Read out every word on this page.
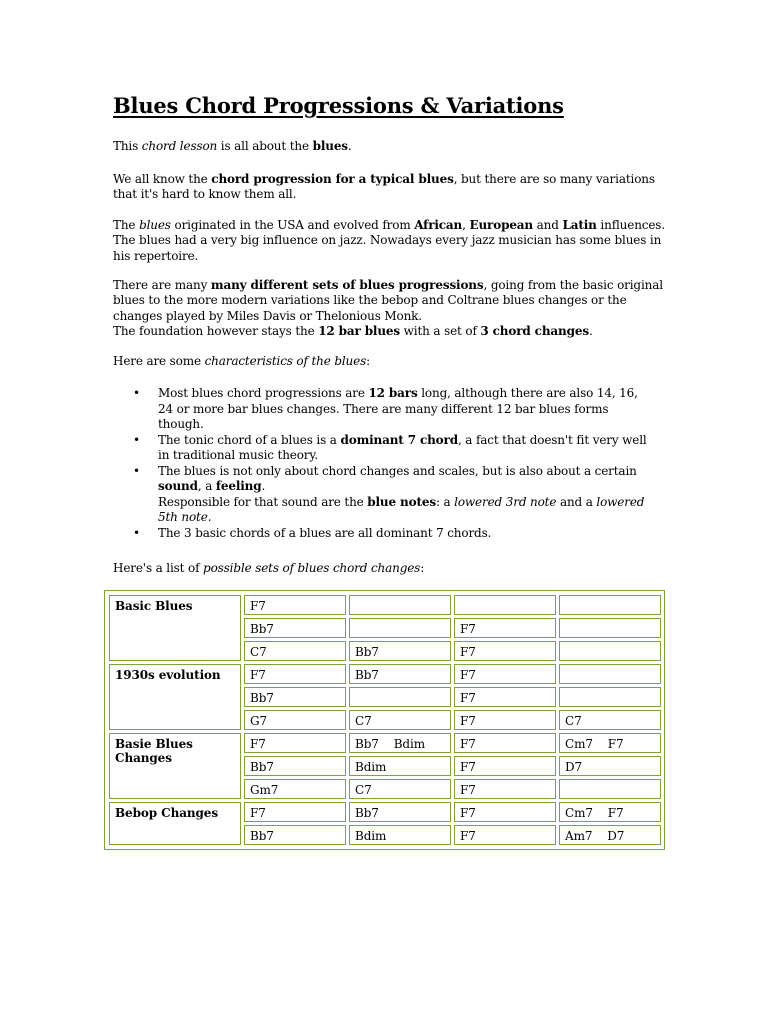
Blues Chord Progressions & Variations

This chord lesson is all about the blues.

We all know the chord progression for a typical blues, but there are so many variations that it's hard to know them all.

The blues originated in the USA and evolved from African, European and Latin influences. The blues had a very big influence on jazz. Nowadays every jazz musician has some blues in his repertoire.

There are many many different sets of blues progressions, going from the basic original blues to the more modern variations like the bebop and Coltrane blues changes or the changes played by Miles Davis or Thelonious Monk.

The foundation however stays the 12 bar blues with a set of 3 chord changes.

Here are some characteristics of the blues:

• Most blues chord progressions are 12 bars long, although there are also 14, 16, 24 or more bar blues changes. There are many different 12 bar blues forms though.
• The tonic chord of a blues is a dominant 7 chord, a fact that doesn't fit very well in traditional music theory.
• The blues is not only about chord changes and scales, but is also about a certain sound, a feeling.
Responsible for that sound are the blue notes: a lowered 3rd note and a lowered 5th note.
• The 3 basic chords of a blues are all dominant 7 chords.

Here's a list of possible sets of blues chord changes:

Basic Blues	F7			
	Bb7		F7	
	C7	Bb7	F7	
1930s evolution	F7	Bb7	F7	
	Bb7		F7	
	G7	C7	F7	C7
Basie Blues Changes	F7	Bb7    Bdim	F7	Cm7    F7
	Bb7	Bdim	F7	D7
	Gm7	C7	F7	
Bebop Changes	F7	Bb7	F7	Cm7    F7
	Bb7	Bdim	F7	Am7    D7
